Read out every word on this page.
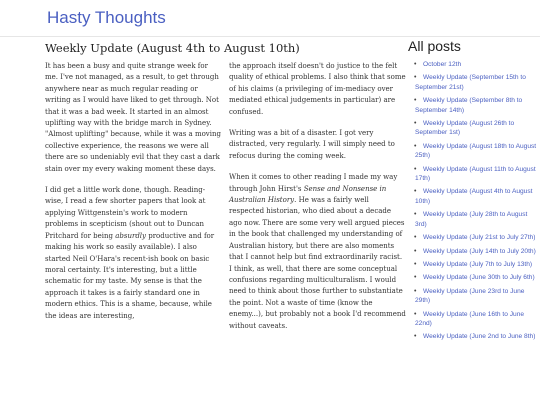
Hasty Thoughts
Weekly Update (August 4th to August 10th)

It has been a busy and quite strange week for me. I've not managed, as a result, to get through anywhere near as much regular reading or writing as I would have liked to get through. Not that it was a bad week. It started in an almost uplifting way with the bridge march in Sydney. "Almost uplifting" because, while it was a moving collective experience, the reasons we were all there are so undeniably evil that they cast a dark stain over my every waking moment these days.

I did get a little work done, though. Reading-wise, I read a few shorter papers that look at applying Wittgenstein's work to modern problems in scepticism (shout out to Duncan Pritchard for being absurdly productive and for making his work so easily available). I also started Neil O'Hara's recent-ish book on basic moral certainty. It's interesting, but a little schematic for my taste. My sense is that the approach it takes is a fairly standard one in modern ethics. This is a shame, because, while the ideas are interesting,

the approach itself doesn't do justice to the felt quality of ethical problems. I also think that some of his claims (a privileging of im-mediacy over mediated ethical judgements in particular) are confused.

Writing was a bit of a disaster. I got very distracted, very regularly. I will simply need to refocus during the coming week.

When it comes to other reading I made my way through John Hirst's Sense and Nonsense in Australian History. He was a fairly well respected historian, who died about a decade ago now. There are some very well argued pieces in the book that challenged my understanding of Australian history, but there are also moments that I cannot help but find extraordinarily racist. I think, as well, that there are some conceptual confusions regarding multiculturalism. I would need to think about those further to substantiate the point. Not a waste of time (know the enemy...), but probably not a book I'd recommend without caveats.

All posts
• October 12th
• Weekly Update (September 15th to September 21st)
• Weekly Update (September 8th to September 14th)
• Weekly Update (August 26th to September 1st)
• Weekly Update (August 18th to August 25th)
• Weekly Update (August 11th to August 17th)
• Weekly Update (August 4th to August 10th)
• Weekly Update (July 28th to August 3rd)
• Weekly Update (July 21st to July 27th)
• Weekly Update (July 14th to July 20th)
• Weekly Update (July 7th to July 13th)
• Weekly Update (June 30th to July 6th)
• Weekly Update (June 23rd to June 29th)
• Weekly Update (June 16th to June 22nd)
• Weekly Update (June 2nd to June 8th)
